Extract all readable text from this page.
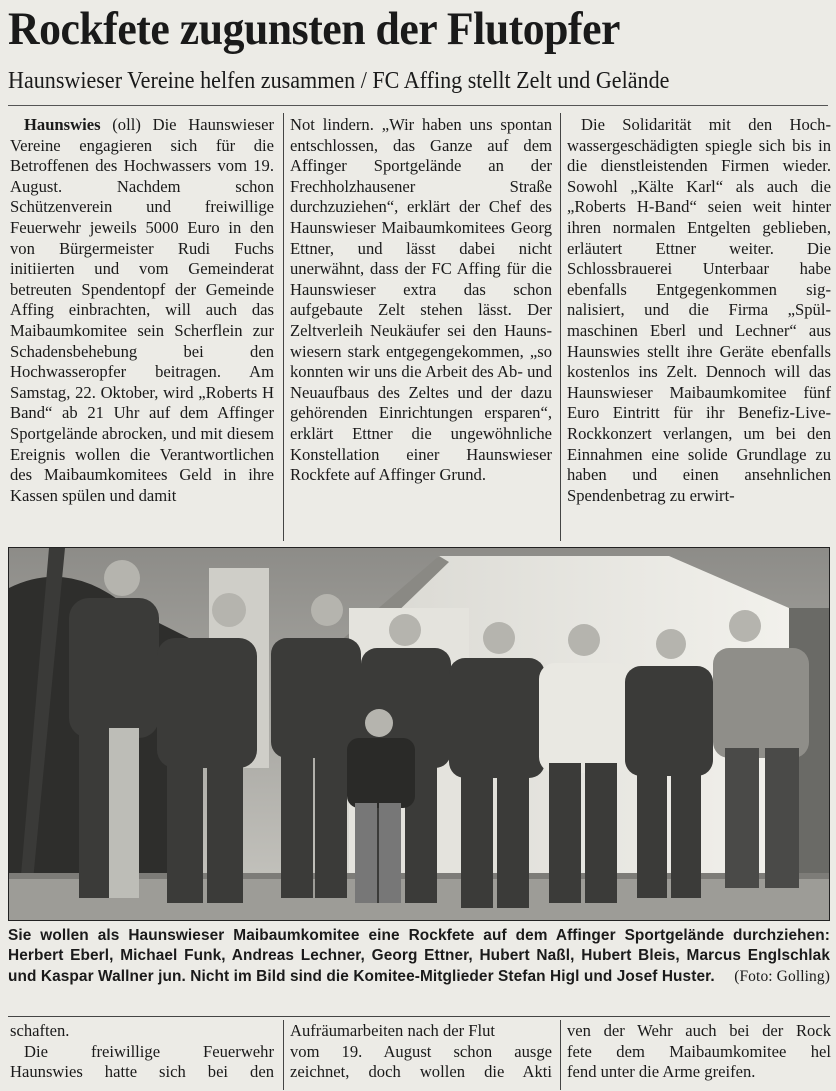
Rockfete zugunsten der Flutopfer
Haunswieser Vereine helfen zusammen / FC Affing stellt Zelt und Gelände

Haunswies (oll) Die Haunswieser Vereine engagieren sich für die Betroffenen des Hochwassers vom 19. August. Nachdem schon Schützenverein und freiwillige Feuerwehr jeweils 5000 Euro in den von Bürgermeister Rudi Fuchs initiierten und vom Gemeinderat betreuten Spendentopf der Gemeinde Affing einbrachten, will auch das Maibaumkomitee sein Scherflein zur Schadensbehebung bei den Hochwasseropfer beitragen. Am Samstag, 22. Oktober, wird „Roberts H Band“ ab 21 Uhr auf dem Affinger Sportgelände abrocken, und mit diesem Ereignis wollen die Verantwortlichen des Maibaumkomitees Geld in ihre Kassen spülen und damit

Not lindern. „Wir haben uns spontan entschlossen, das Ganze auf dem Affinger Sportgelände an der Frechholzhausener Straße durchzuziehen“, erklärt der Chef des Haunswieser Maibaumkomitees Georg Ettner, und lässt dabei nicht unerwähnt, dass der FC Affing für die Haunswieser extra das schon aufgebaute Zelt stehen lässt. Der Zeltverleih Neukäufer sei den Haunswiesern stark entgegengekommen, „so konnten wir uns die Arbeit des Ab- und Neuaufbaus des Zeltes und der dazu gehörenden Einrichtungen ersparen“, erklärt Ettner die ungewöhnliche Konstellation einer Haunswieser Rockfete auf Affinger Grund.

Die Solidarität mit den Hochwassergeschädigten spiegle sich bis in die dienstleistenden Firmen wieder. Sowohl „Kälte Karl“ als auch die „Roberts H-Band“ seien weit hinter ihren normalen Entgelten geblieben, erläutert Ettner weiter. Die Schlossbrauerei Unterbaar habe ebenfalls Entgegenkommen signalisiert, und die Firma „Spülmaschinen Eberl und Lechner“ aus Haunswies stellt ihre Geräte ebenfalls kostenlos ins Zelt. Dennoch will das Haunswieser Maibaumkomitee fünf Euro Eintritt für ihr Benefiz-Live-Rockkonzert verlangen, um bei den Einnahmen eine solide Grundlage zu haben und einen ansehnlichen Spendenbetrag zu erwirt-

Sie wollen als Haunswieser Maibaumkomitee eine Rockfete auf dem Affinger Sportgelände durchziehen: Herbert Eberl, Michael Funk, Andreas Lechner, Georg Ettner, Hubert Naßl, Hubert Bleis, Marcus Englschlak und Kaspar Wallner jun. Nicht im Bild sind die Komitee-Mitglieder Stefan Higl und Josef Huster. (Foto: Golling)

schaften.

Die freiwillige Feuerwehr

Haunswies hatte sich bei den

Aufräumarbeiten nach der Flut

vom 19. August schon ausge

zeichnet, doch wollen die Akti

ven der Wehr auch bei der Rock

fete dem Maibaumkomitee hel

fend unter die Arme greifen.
